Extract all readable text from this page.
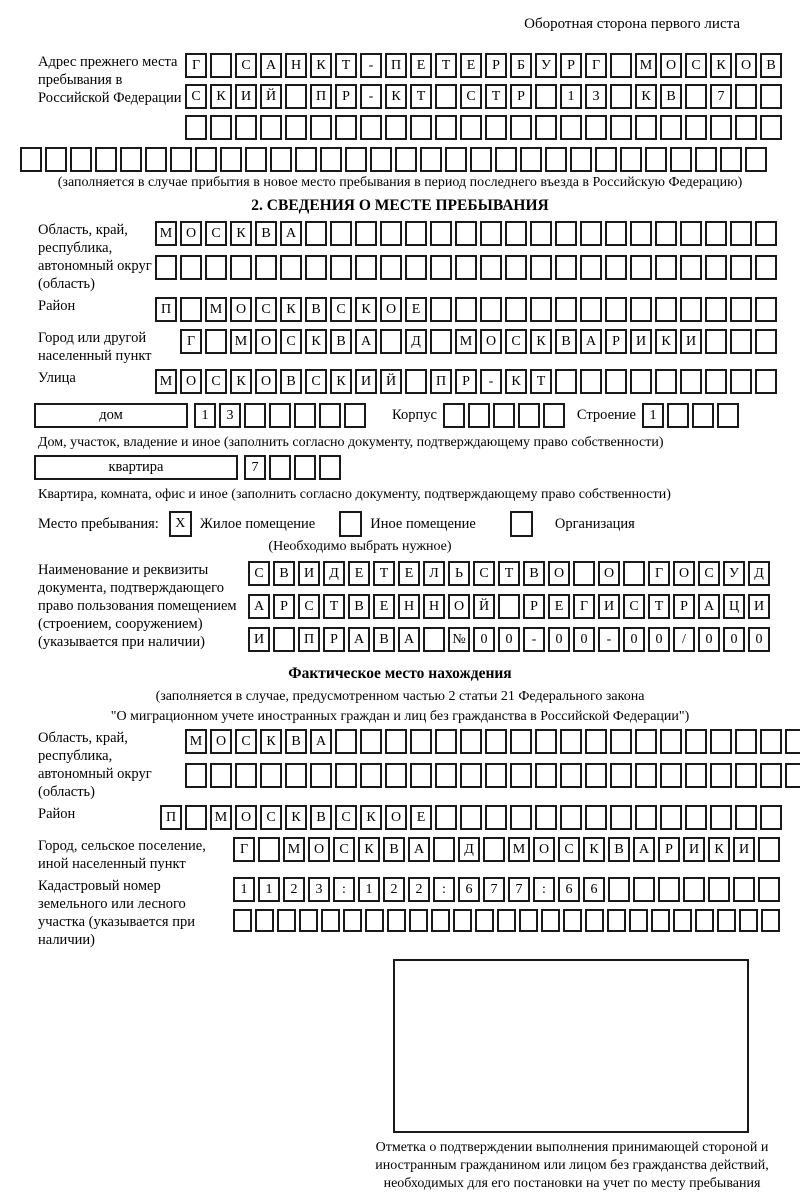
Оборотная сторона первого листа
Адрес прежнего места пребывания в Российской Федерации
Г	С	А	Н	К	Т	-	П	Е	Т	Е	Р	Б	У	Р	Г	М О	С	К	О	В
С	К	И	Й	П	Р	-	К	Т	С	Т	Р	1	3	К	В	7
(заполняется в случае прибытия в новое место пребывания в период последнего въезда в Российскую Федерацию)
2. СВЕДЕНИЯ О МЕСТЕ ПРЕБЫВАНИЯ
Область, край, республика, автономный округ (область)
М О	С	К	В	А
Район	П	М О	С	К	В	С	К	О	Е
Город или другой населенный пункт
Г	М О	С	К	В	А	Д	М О	С	К	В	А	Р	И	К	И
Улица	М О	С	К	О	В	С	К	И	Й	П	Р	-	К	Т
дом	1	3	Корпус	Строение 1
Дом, участок, владение и иное (заполнить согласно документу, подтверждающему право собственности)
квартира	7
Квартира, комната, офис и иное (заполнить согласно документу, подтверждающему право собственности)
Место пребывания:	X Жилое помещение	Иное помещение	Организация
(Необходимо выбрать нужное)
Наименование и реквизиты документа, подтверждающего право пользования помещением (строением, сооружением) (указывается при наличии)
С	В	И	Д	Е	Т	Е	Л	Ь	С	Т	В	О	О	Г	О	С	У	Д
А	Р	С	Т	В	Е	Н	Н	О	Й	Р	Е	Г	И	С	Т	Р	А	Ц	И
И	П	Р	А	В	А	№	0	0	-	0	0	-	0	0	/	0	0	0
Фактическое место нахождения
(заполняется в случае, предусмотренном частью 2 статьи 21 Федерального закона
"О миграционном учете иностранных граждан и лиц без гражданства в Российской Федерации")
Область, край, республика, автономный округ (область)
М О	С	К	В	А
Район	П	М О	С	К	В	С	К	О	Е
Город, сельское поселение, иной населенный пункт
Г	М О	С	К	В	А	Д	М О	С	К	В	А	Р	И	К	И
Кадастровый номер земельного или лесного участка (указывается при наличии)
1	1	2	3	:	1	2	2	:	6	7	7	:	6	6
Отметка о подтверждении выполнения принимающей стороной и иностранным гражданином или лицом без гражданства действий, необходимых для его постановки на учет по месту пребывания
